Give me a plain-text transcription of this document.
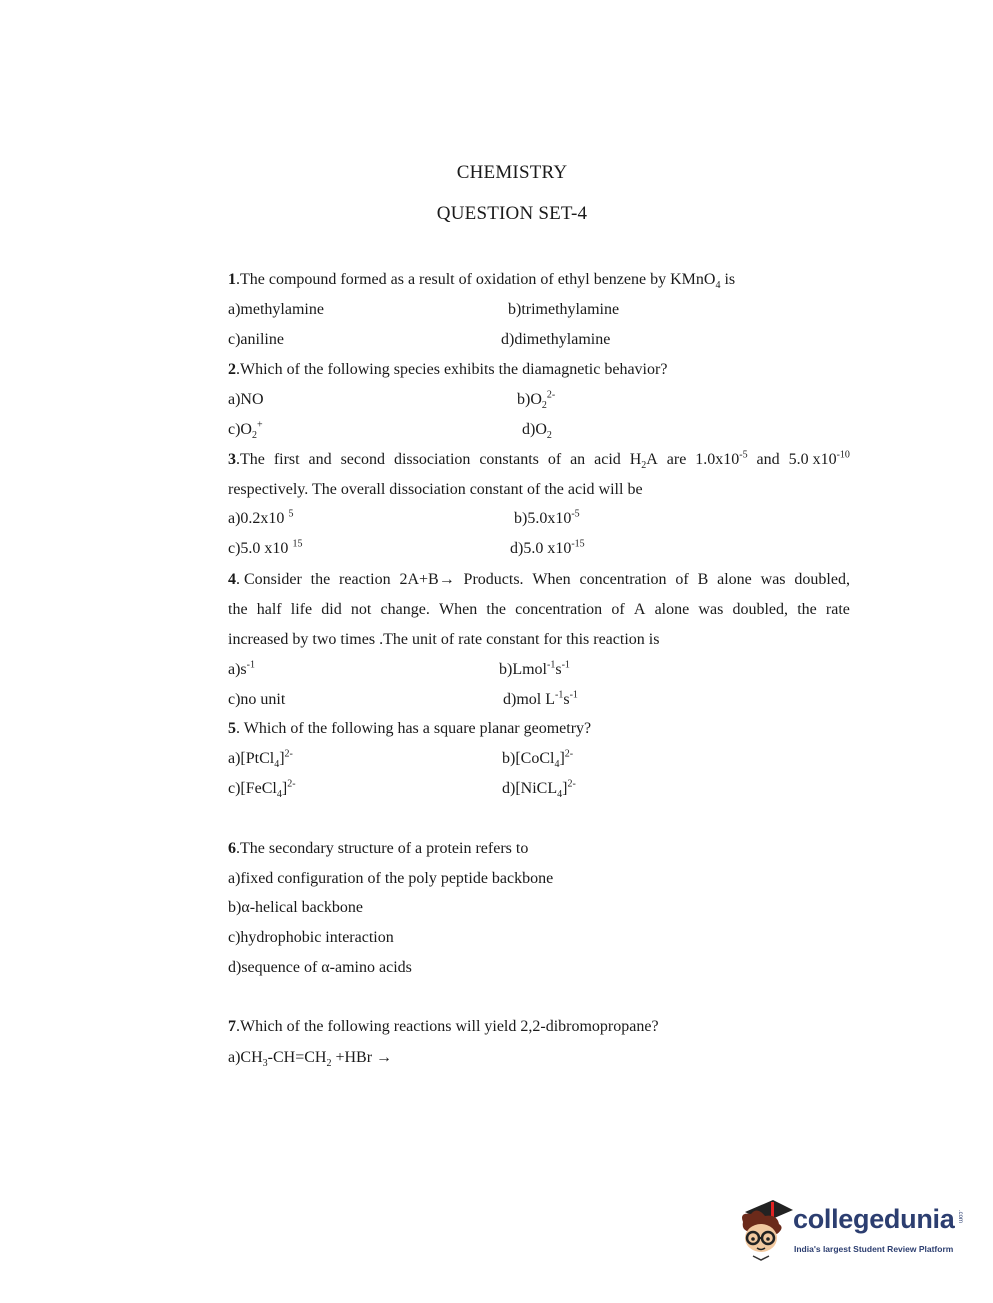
CHEMISTRY
QUESTION SET-4
1.The compound formed as a result of oxidation of ethyl benzene by KMnO$_4$ is
a)methylamine	b)trimethylamine
c)aniline	d)dimethylamine
2.Which of the following species exhibits the diamagnetic behavior?
a)NO	$b)O_2^{2-}$
$c)O_2^+$	$d)O_2$
3.The first and second dissociation constants of an acid $H_2A$ are $1.0x10^{-5}$ and 5.0 $x10^{-10}$
respectively. The overall dissociation constant of the acid will be
a)0.2x10 $^5$	$b)5.0x10^{-5}$
c)5.0 x10 $^{15}$	d)5.0 $x10^{-15}$
4. Consider the reaction 2A+B→ Products. When concentration of B alone was doubled,
the half life did not change. When the concentration of A alone was doubled, the rate
increased by two times .The unit of rate constant for this reaction is
$a)s^{-1}$	$b)Lmol^{-1}s^{-1}$
c)no unit	d)mol $L^{-1}s^{-1}$
5. Which of the following has a square planar geometry?
a)[PtCl$_4$]$^{2-}$	b)[CoCl$_4$]$^{2-}$
c)[FeCl$_4$]$^{2-}$	d)[NiCL$_4$]$^{2-}$
6.The secondary structure of a protein refers to
a)fixed configuration of the poly peptide backbone
b)α-helical backbone
c)hydrophobic interaction
d)sequence of α-amino acids
7.Which of the following reactions will yield 2,2-dibromopropane?
$a)CH_3-CH=CH_2 +HBr$ →
collegedunia .com
India's largest Student Review Platform
